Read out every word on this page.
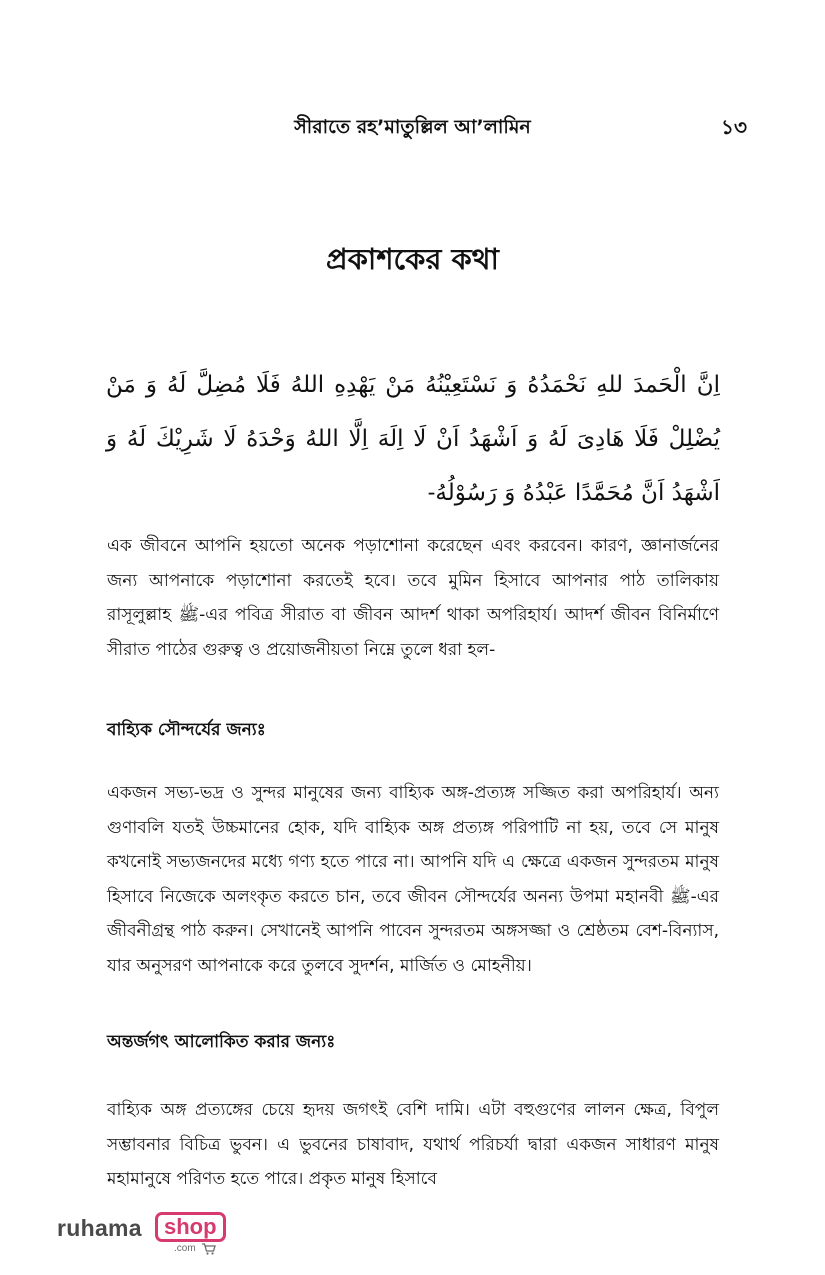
সীরাতে রহ’মাতুল্লিল আ’লামিন	১৩
প্রকাশকের কথা

اِنَّ الْحَمدَ للهِ نَحْمَدُهُ وَ نَسْتَعِيْنُهُ مَنْ يَهْدِهِ اللهُ فَلَا مُضِلَّ لَهُ وَ مَنْ يُضْلِلْ فَلَا هَادِىَ لَهُ وَ اَشْهَدُ اَنْ لَا اِلَهَ اِلَّا اللهُ وَحْدَهُ لَا شَرِيْكَ لَهُ وَ اَشْهَدُ اَنَّ مُحَمَّدًا عَبْدُهُ وَ رَسُوْلُهُ-

এক জীবনে আপনি হয়তো অনেক পড়াশোনা করেছেন এবং করবেন। কারণ, জ্ঞানার্জনের জন্য আপনাকে পড়াশোনা করতেই হবে। তবে মুমিন হিসাবে আপনার পাঠ তালিকায় রাসূলুল্লাহ ﷺ-এর পবিত্র সীরাত বা জীবন আদর্শ থাকা অপরিহার্য। আদর্শ জীবন বিনির্মাণে সীরাত পাঠের গুরুত্ব ও প্রয়োজনীয়তা নিম্নে তুলে ধরা হল-

বাহ্যিক সৌন্দর্যের জন্যঃ

একজন সভ্য-ভদ্র ও সুন্দর মানুষের জন্য বাহ্যিক অঙ্গ-প্রত্যঙ্গ সজ্জিত করা অপরিহার্য। অন্য গুণাবলি যতই উচ্চমানের হোক, যদি বাহ্যিক অঙ্গ প্রত্যঙ্গ পরিপাটি না হয়, তবে সে মানুষ কখনোই সভ্যজনদের মধ্যে গণ্য হতে পারে না। আপনি যদি এ ক্ষেত্রে একজন সুন্দরতম মানুষ হিসাবে নিজেকে অলংকৃত করতে চান, তবে জীবন সৌন্দর্যের অনন্য উপমা মহানবী ﷺ-এর জীবনীগ্রন্থ পাঠ করুন। সেখানেই আপনি পাবেন সুন্দরতম অঙ্গসজ্জা ও শ্রেষ্ঠতম বেশ-বিন্যাস, যার অনুসরণ আপনাকে করে তুলবে সুদর্শন, মার্জিত ও মোহনীয়।

অন্তর্জগৎ আলোকিত করার জন্যঃ

বাহ্যিক অঙ্গ প্রত্যঙ্গের চেয়ে হৃদয় জগৎই বেশি দামি। এটা বহুগুণের লালন ক্ষেত্র, বিপুল সম্ভাবনার বিচিত্র ভুবন। এ ভুবনের চাষাবাদ, যথার্থ পরিচর্যা দ্বারা একজন সাধারণ মানুষ মহামানুষে পরিণত হতে পারে। প্রকৃত মানুষ হিসাবে

ruhama	shop
.com
